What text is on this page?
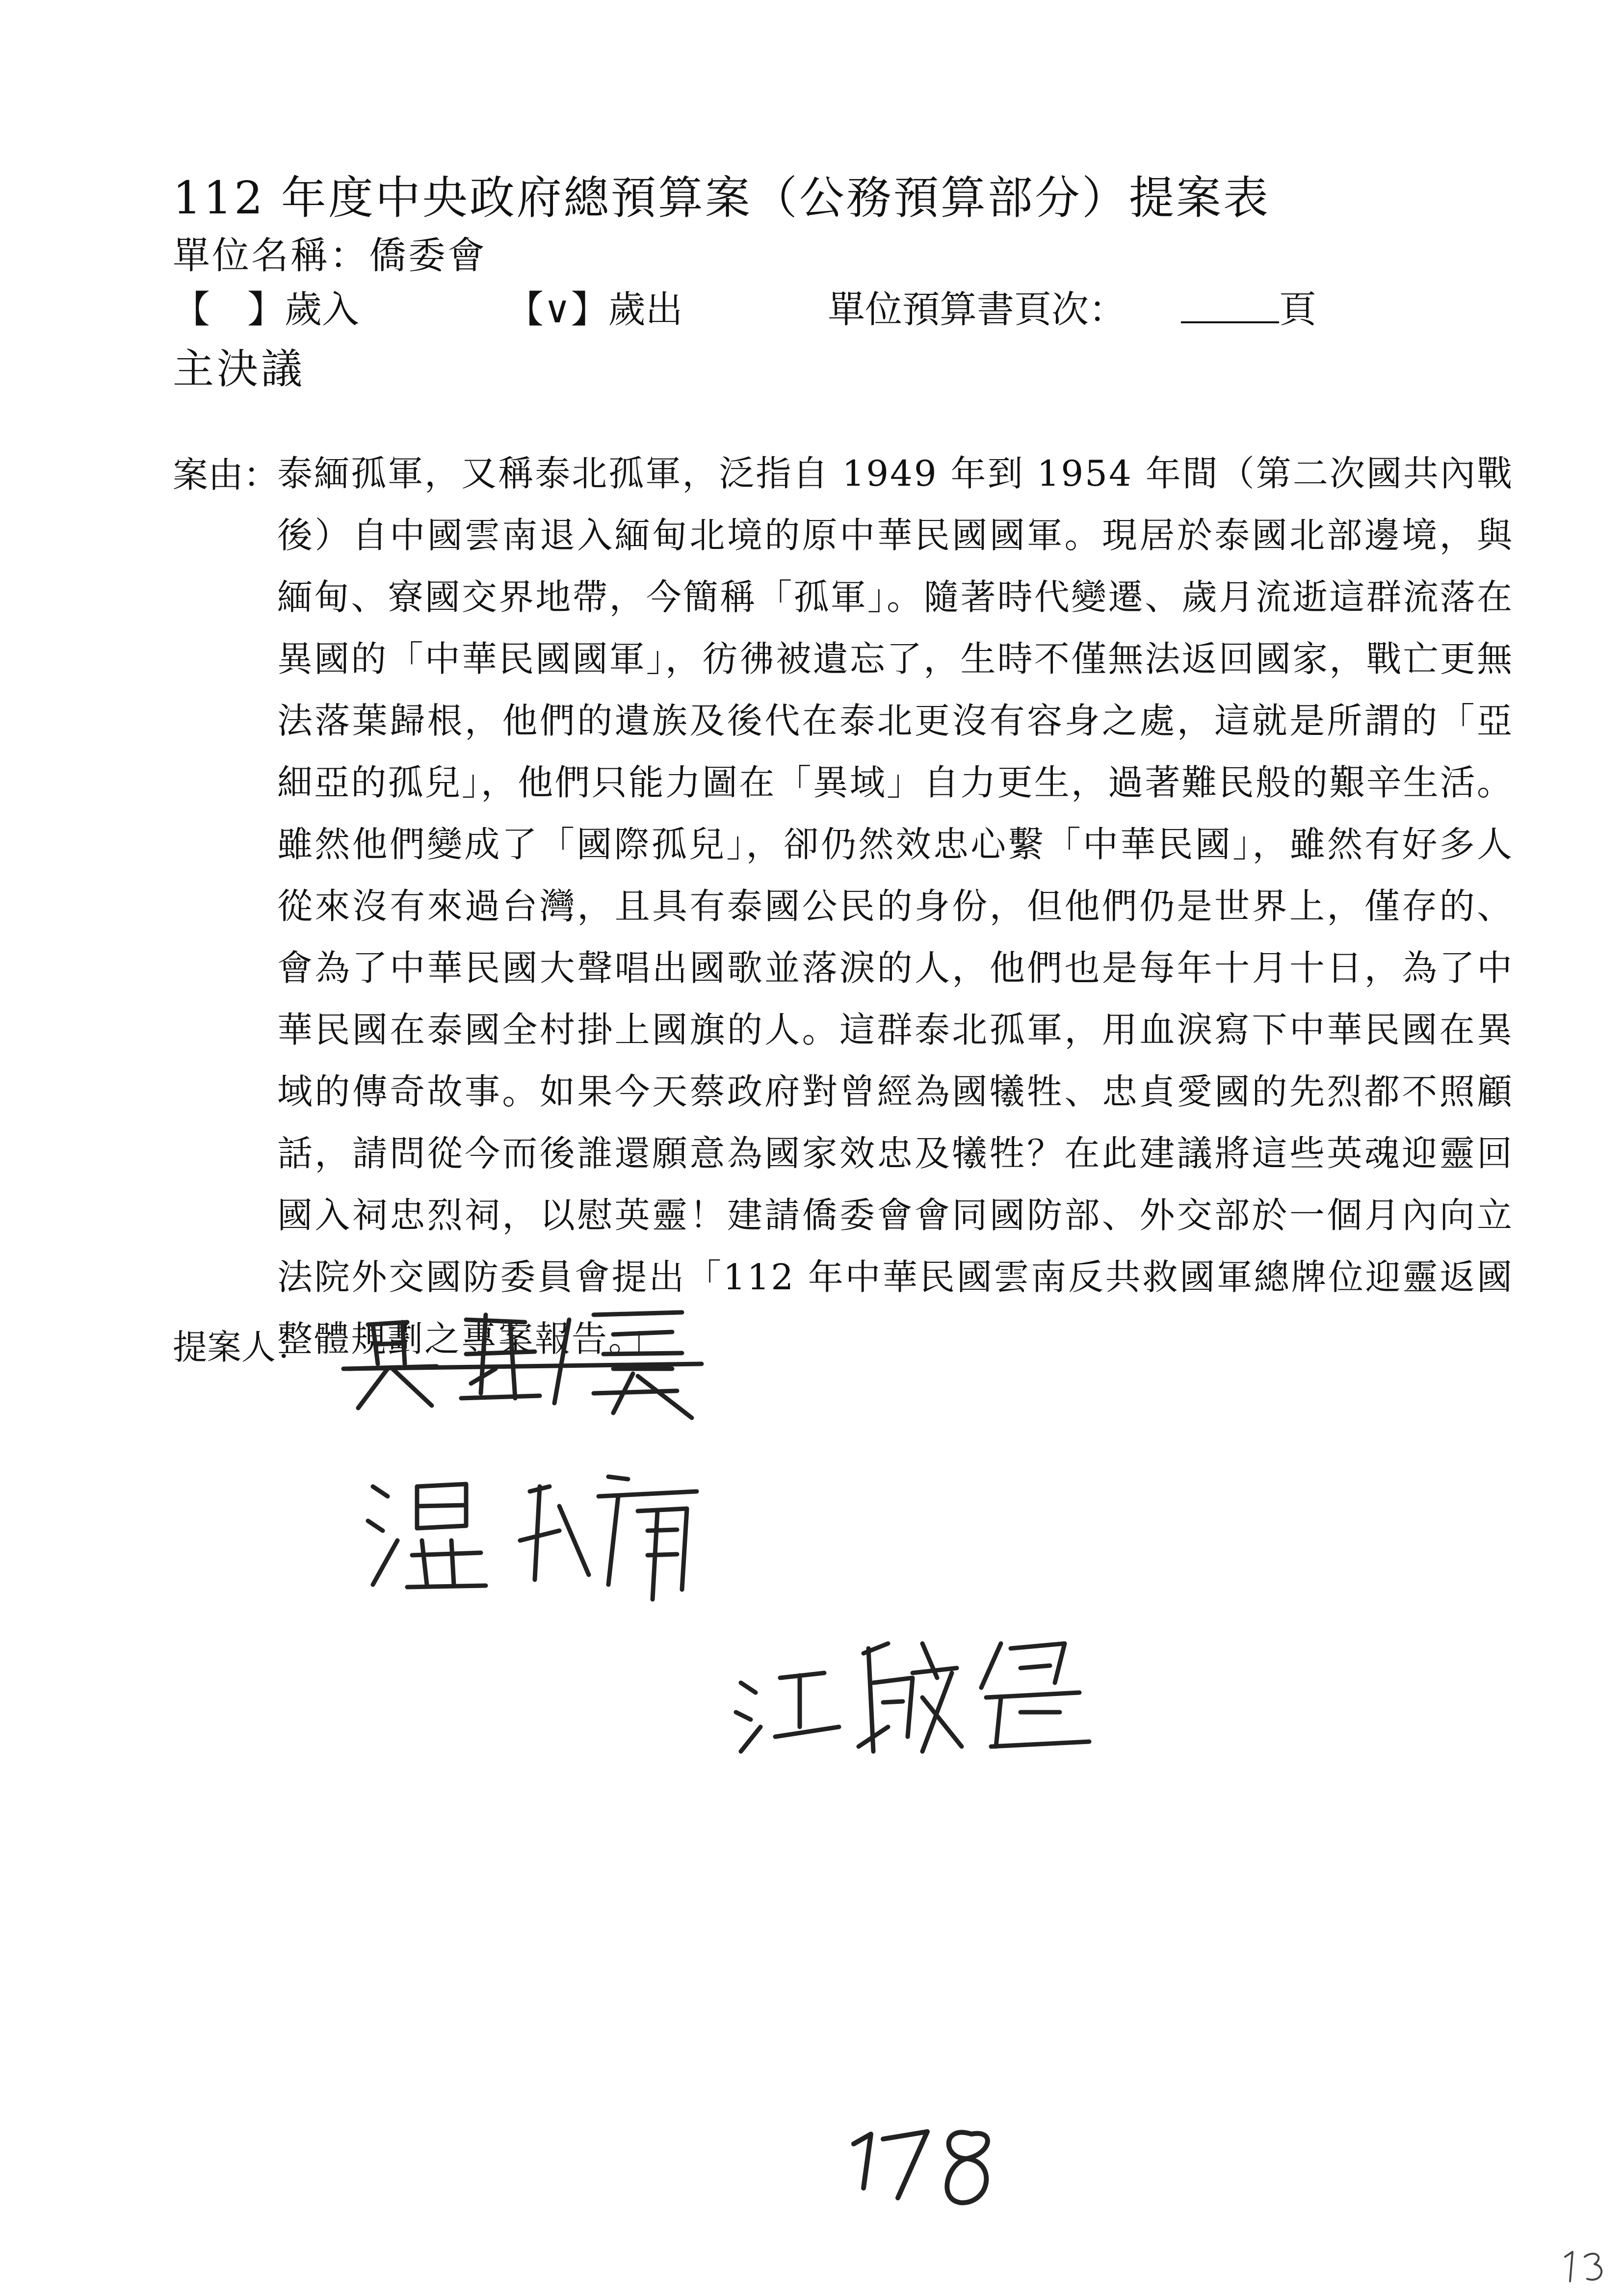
112 年度中央政府總預算案（公務預算部分）提案表
單位名稱：僑委會
【　】歲入	【∨】歲出	單位預算書頁次：	頁
主決議
案由：
泰緬孤軍，又稱泰北孤軍，泛指自 1949 年到 1954 年間（第二次國共內戰後）自中國雲南退入緬甸北境的原中華民國國軍。現居於泰國北部邊境，與緬甸、寮國交界地帶，今簡稱「孤軍」。隨著時代變遷、歲月流逝這群流落在異國的「中華民國國軍」，彷彿被遺忘了，生時不僅無法返回國家，戰亡更無法落葉歸根，他們的遺族及後代在泰北更沒有容身之處，這就是所謂的「亞細亞的孤兒」，他們只能力圖在「異域」自力更生，過著難民般的艱辛生活。雖然他們變成了「國際孤兒」，卻仍然效忠心繫「中華民國」，雖然有好多人從來沒有來過台灣，且具有泰國公民的身份，但他們仍是世界上，僅存的、會為了中華民國大聲唱出國歌並落淚的人，他們也是每年十月十日，為了中華民國在泰國全村掛上國旗的人。這群泰北孤軍，用血淚寫下中華民國在異域的傳奇故事。如果今天蔡政府對曾經為國犧牲、忠貞愛國的先烈都不照顧話，請問從今而後誰還願意為國家效忠及犧牲？在此建議將這些英魂迎靈回國入祠忠烈祠，以慰英靈！建請僑委會會同國防部、外交部於一個月內向立法院外交國防委員會提出「112 年中華民國雲南反共救國軍總牌位迎靈返國整體規劃之專案報告。」
提案人：
